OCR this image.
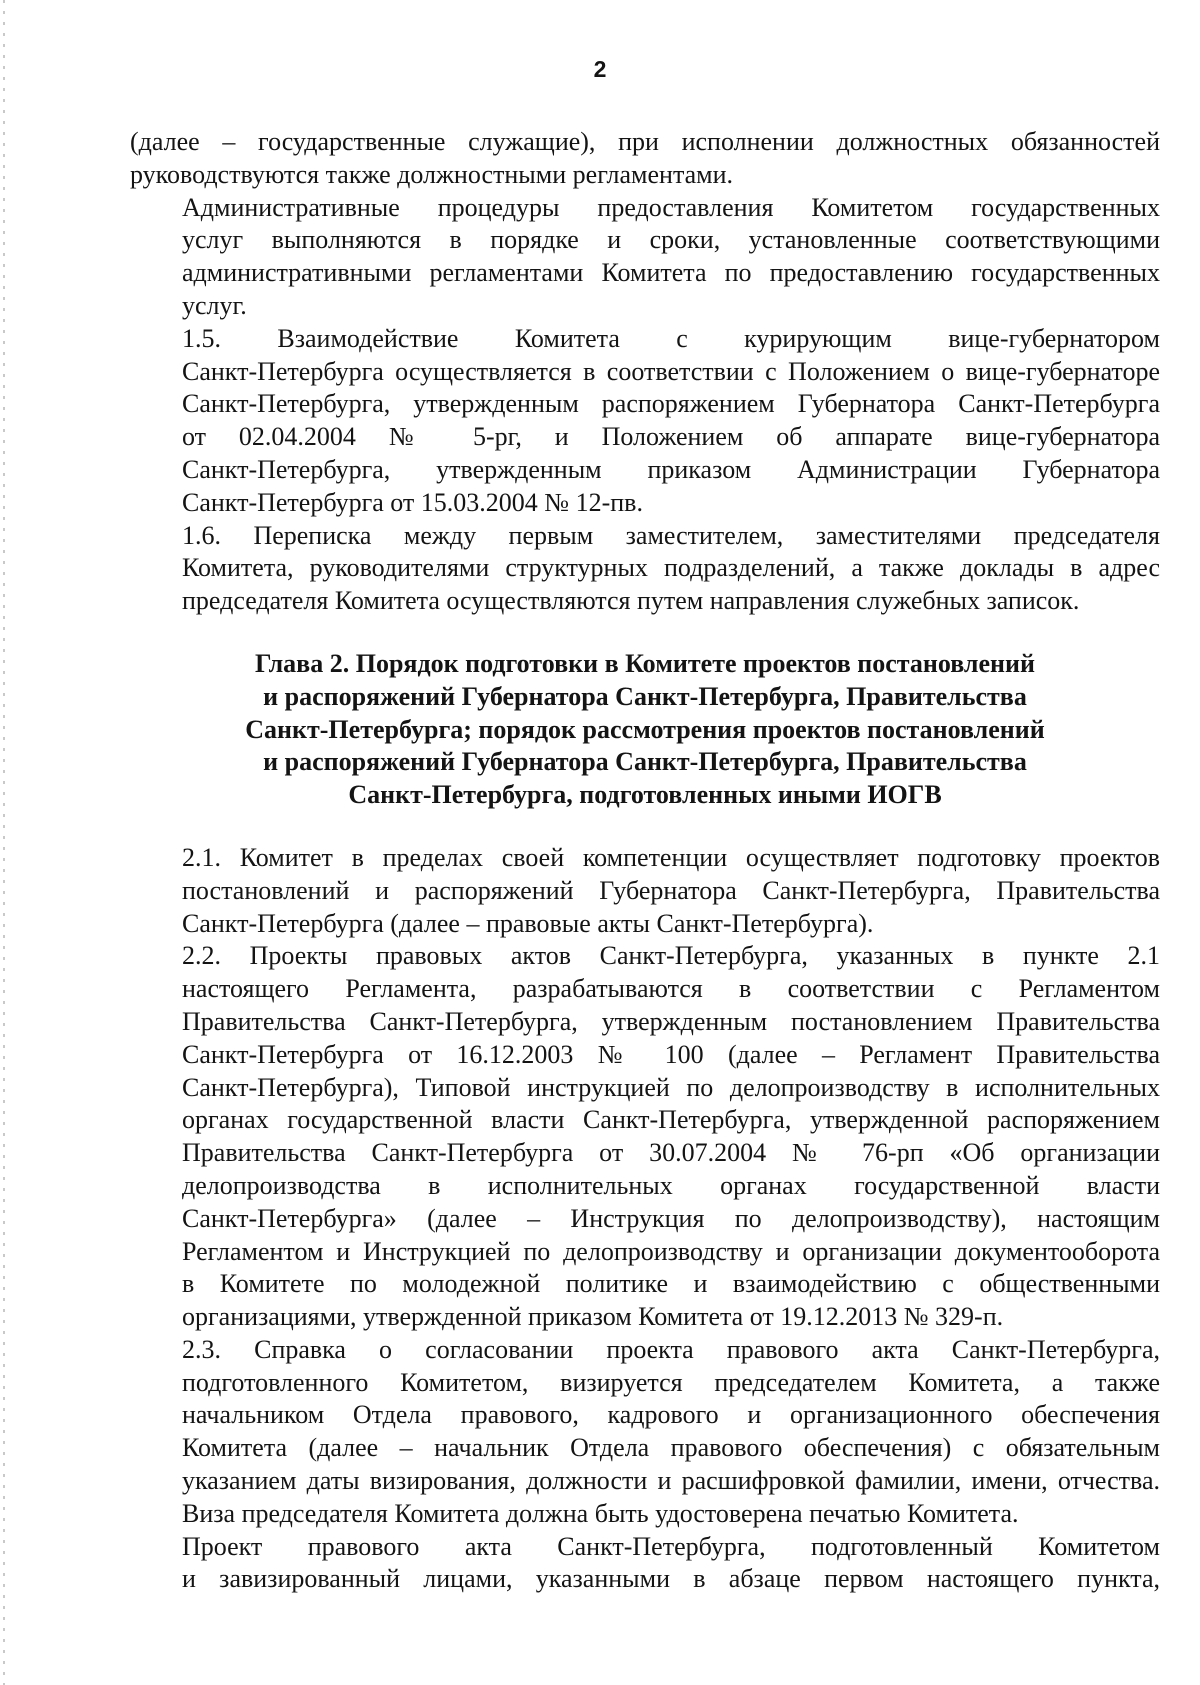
2
(далее – государственные служащие), при исполнении должностных обязанностей
руководствуются также должностными регламентами.
Административные процедуры предоставления Комитетом государственных
услуг выполняются в порядке и сроки, установленные соответствующими
административными регламентами Комитета по предоставлению государственных
услуг.
1.5. Взаимодействие Комитета с курирующим вице-губернатором
Санкт-Петербурга осуществляется в соответствии с Положением о вице-губернаторе
Санкт-Петербурга, утвержденным распоряжением Губернатора Санкт-Петербурга
от 02.04.2004 № 5-рг, и Положением об аппарате вице-губернатора
Санкт-Петербурга, утвержденным приказом Администрации Губернатора
Санкт-Петербурга от 15.03.2004 № 12-пв.
1.6. Переписка между первым заместителем, заместителями председателя
Комитета, руководителями структурных подразделений, а также доклады в адрес
председателя Комитета осуществляются путем направления служебных записок.
Глава 2. Порядок подготовки в Комитете проектов постановлений
и распоряжений Губернатора Санкт-Петербурга, Правительства
Санкт-Петербурга; порядок рассмотрения проектов постановлений
и распоряжений Губернатора Санкт-Петербурга, Правительства
Санкт-Петербурга, подготовленных иными ИОГВ
2.1. Комитет в пределах своей компетенции осуществляет подготовку проектов
постановлений и распоряжений Губернатора Санкт-Петербурга, Правительства
Санкт-Петербурга (далее – правовые акты Санкт-Петербурга).
2.2. Проекты правовых актов Санкт-Петербурга, указанных в пункте 2.1
настоящего Регламента, разрабатываются в соответствии с Регламентом
Правительства Санкт-Петербурга, утвержденным постановлением Правительства
Санкт-Петербурга от 16.12.2003 № 100 (далее – Регламент Правительства
Санкт-Петербурга), Типовой инструкцией по делопроизводству в исполнительных
органах государственной власти Санкт-Петербурга, утвержденной распоряжением
Правительства Санкт-Петербурга от 30.07.2004 № 76-рп «Об организации
делопроизводства в исполнительных органах государственной власти
Санкт-Петербурга» (далее – Инструкция по делопроизводству), настоящим
Регламентом и Инструкцией по делопроизводству и организации документооборота
в Комитете по молодежной политике и взаимодействию с общественными
организациями, утвержденной приказом Комитета от 19.12.2013 № 329-п.
2.3. Справка о согласовании проекта правового акта Санкт-Петербурга,
подготовленного Комитетом, визируется председателем Комитета, а также
начальником Отдела правового, кадрового и организационного обеспечения
Комитета (далее – начальник Отдела правового обеспечения) с обязательным
указанием даты визирования, должности и расшифровкой фамилии, имени, отчества.
Виза председателя Комитета должна быть удостоверена печатью Комитета.
Проект правового акта Санкт-Петербурга, подготовленный Комитетом
и завизированный лицами, указанными в абзаце первом настоящего пункта,
